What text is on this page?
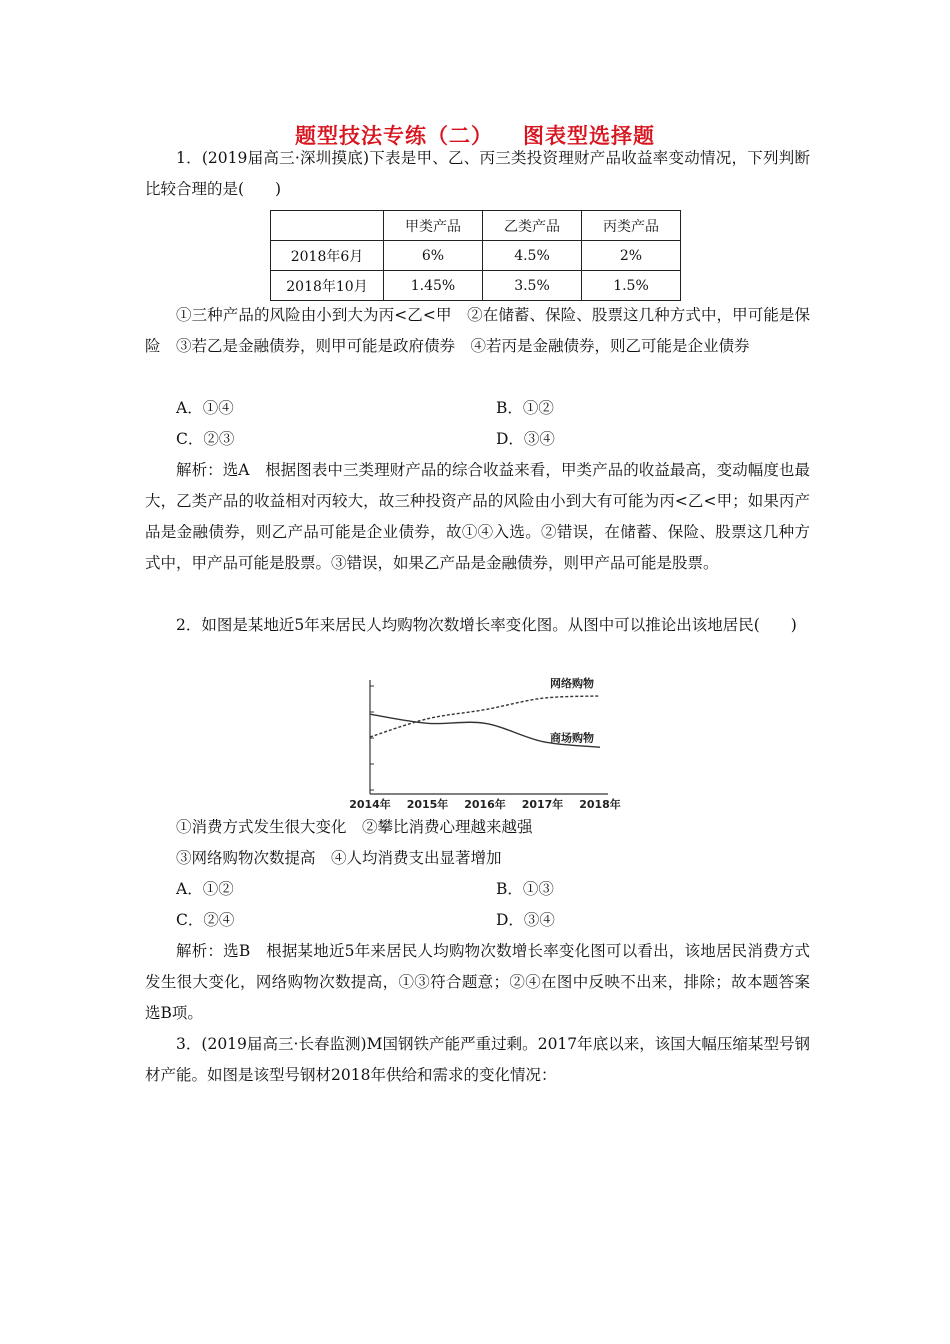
题型技法专练（二） 图表型选择题
1．(2019届高三·深圳摸底)下表是甲、乙、丙三类投资理财产品收益率变动情况，下列判断比较合理的是(　　)
	甲类产品	乙类产品	丙类产品
2018年6月	6%	4.5%	2%
2018年10月	1.45%	3.5%	1.5%
①三种产品的风险由小到大为丙<乙<甲　②在储蓄、保险、股票这几种方式中，甲可能是保险　③若乙是金融债券，则甲可能是政府债券　④若丙是金融债券，则乙可能是企业债券
A．①④	B．①②
C．②③	D．③④
解析：选A　根据图表中三类理财产品的综合收益来看，甲类产品的收益最高，变动幅度也最大，乙类产品的收益相对丙较大，故三种投资产品的风险由小到大有可能为丙<乙<甲；如果丙产品是金融债券，则乙产品可能是企业债券，故①④入选。②错误，在储蓄、保险、股票这几种方式中，甲产品可能是股票。③错误，如果乙产品是金融债券，则甲产品可能是股票。
2．如图是某地近5年来居民人均购物次数增长率变化图。从图中可以推论出该地居民(　　)
2014年 2015年 2016年 2017年 2018年
网络购物
商场购物
①消费方式发生很大变化　②攀比消费心理越来越强
③网络购物次数提高　④人均消费支出显著增加
A．①②	B．①③
C．②④	D．③④
解析：选B　根据某地近5年来居民人均购物次数增长率变化图可以看出，该地居民消费方式发生很大变化，网络购物次数提高，①③符合题意；②④在图中反映不出来，排除；故本题答案选B项。
3．(2019届高三·长春监测)M国钢铁产能严重过剩。2017年底以来，该国大幅压缩某型号钢材产能。如图是该型号钢材2018年供给和需求的变化情况：
